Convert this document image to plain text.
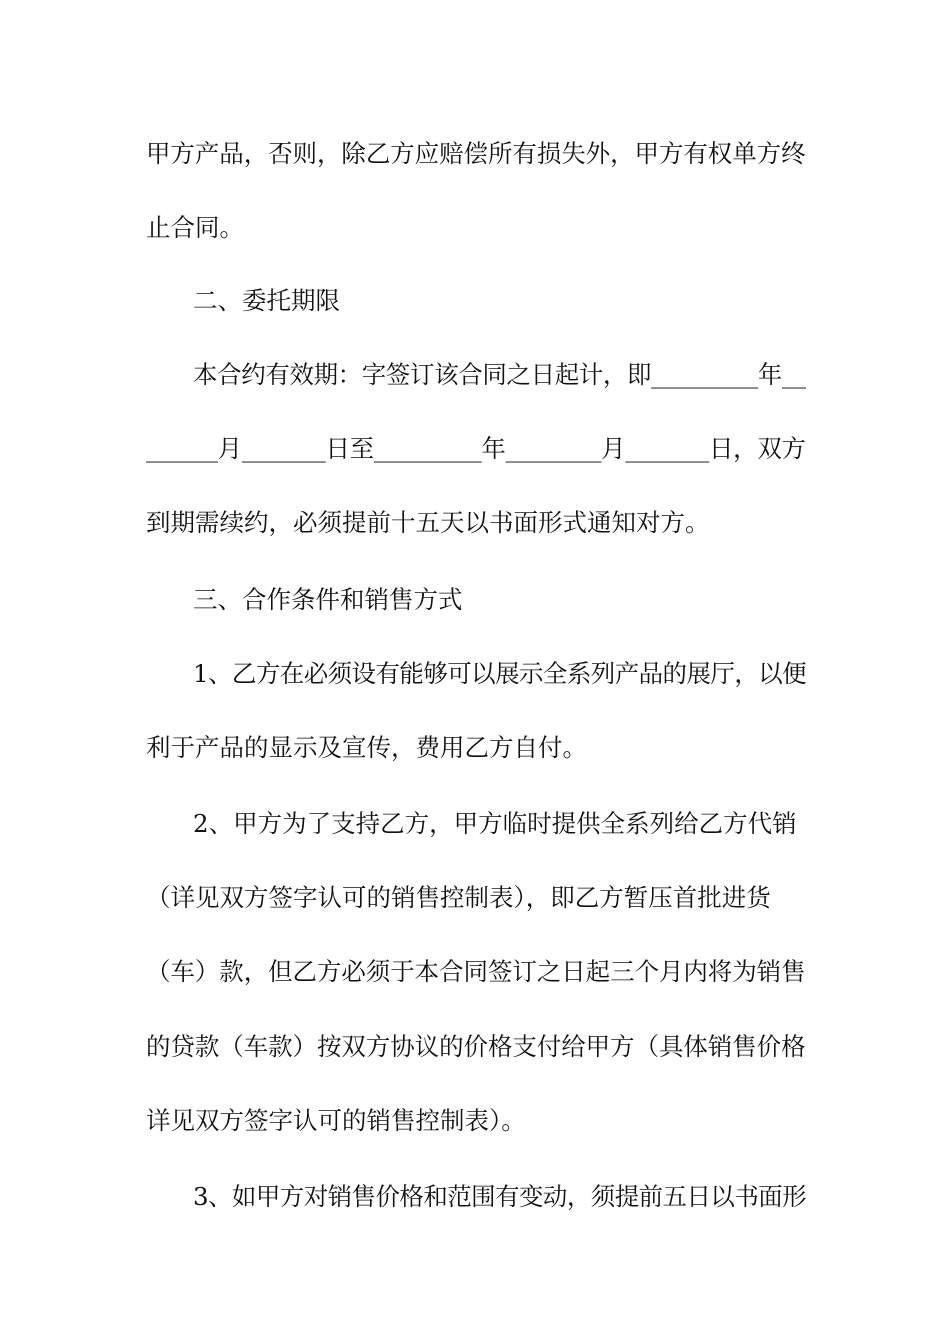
甲方产品，否则，除乙方应赔偿所有损失外，甲方有权单方终
止合同。
二、委托期限
本合约有效期：字签订该合同之日起计，即_________年__
______月_______日至_________年________月_______日，双方
到期需续约，必须提前十五天以书面形式通知对方。
三、合作条件和销售方式
1、乙方在必须设有能够可以展示全系列产品的展厅，以便
利于产品的显示及宣传，费用乙方自付。
2、甲方为了支持乙方，甲方临时提供全系列给乙方代销
（详见双方签字认可的销售控制表），即乙方暂压首批进货
（车）款，但乙方必须于本合同签订之日起三个月内将为销售
的贷款（车款）按双方协议的价格支付给甲方（具体销售价格
详见双方签字认可的销售控制表）。
3、如甲方对销售价格和范围有变动，须提前五日以书面形
